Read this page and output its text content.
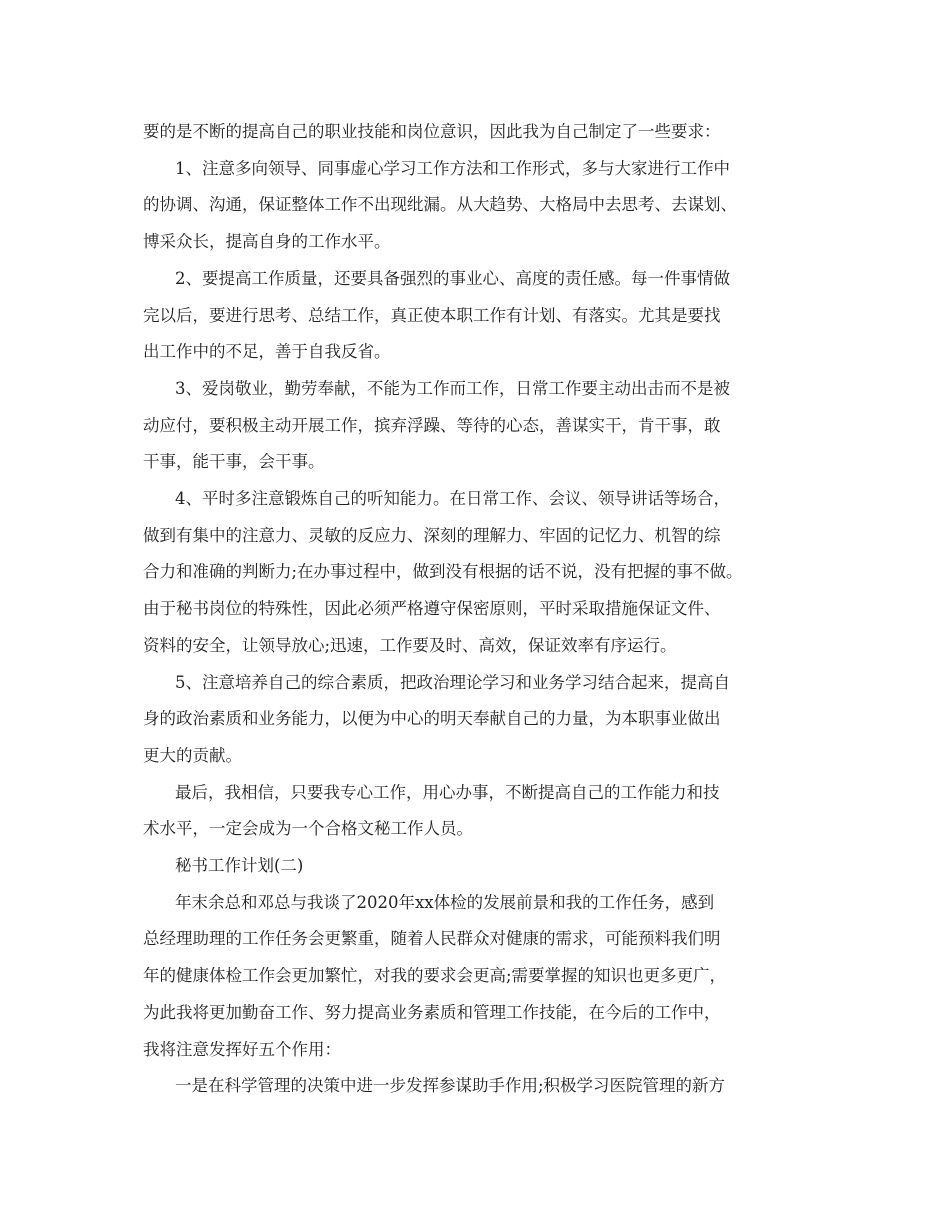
要的是不断的提高自己的职业技能和岗位意识，因此我为自己制定了一些要求：
1、注意多向领导、同事虚心学习工作方法和工作形式，多与大家进行工作中
的协调、沟通，保证整体工作不出现纰漏。从大趋势、大格局中去思考、去谋划、
博采众长，提高自身的工作水平。
2、要提高工作质量，还要具备强烈的事业心、高度的责任感。每一件事情做
完以后，要进行思考、总结工作，真正使本职工作有计划、有落实。尤其是要找
出工作中的不足，善于自我反省。
3、爱岗敬业，勤劳奉献，不能为工作而工作，日常工作要主动出击而不是被
动应付，要积极主动开展工作，摈弃浮躁、等待的心态，善谋实干，肯干事，敢
干事，能干事，会干事。
4、平时多注意锻炼自己的听知能力。在日常工作、会议、领导讲话等场合，
做到有集中的注意力、灵敏的反应力、深刻的理解力、牢固的记忆力、机智的综
合力和准确的判断力;在办事过程中，做到没有根据的话不说，没有把握的事不做。
由于秘书岗位的特殊性，因此必须严格遵守保密原则，平时采取措施保证文件、
资料的安全，让领导放心;迅速，工作要及时、高效，保证效率有序运行。
5、注意培养自己的综合素质，把政治理论学习和业务学习结合起来，提高自
身的政治素质和业务能力，以便为中心的明天奉献自己的力量，为本职事业做出
更大的贡献。
最后，我相信，只要我专心工作，用心办事，不断提高自己的工作能力和技
术水平，一定会成为一个合格文秘工作人员。
秘书工作计划(二)
年末余总和邓总与我谈了2020年xx体检的发展前景和我的工作任务，感到
总经理助理的工作任务会更繁重，随着人民群众对健康的需求，可能预料我们明
年的健康体检工作会更加繁忙，对我的要求会更高;需要掌握的知识也更多更广，
为此我将更加勤奋工作、努力提高业务素质和管理工作技能，在今后的工作中，
我将注意发挥好五个作用：
一是在科学管理的决策中进一步发挥参谋助手作用;积极学习医院管理的新方
